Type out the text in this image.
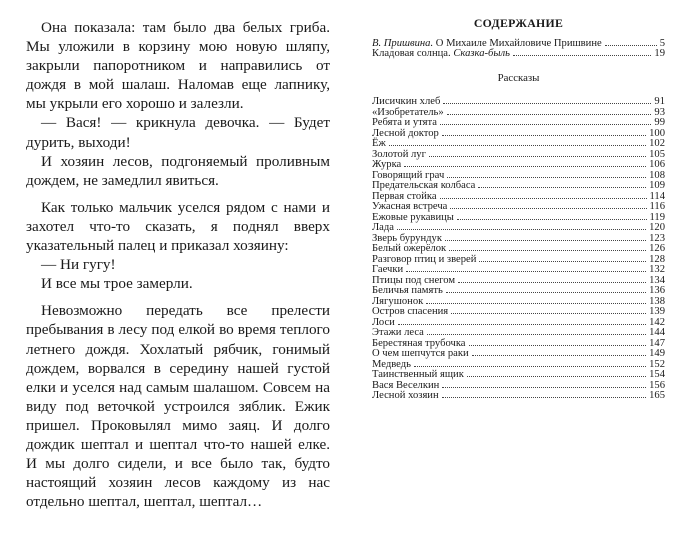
Она показала: там было два белых гриба. Мы уложили в корзину мою новую шляпу, закрыли папоротником и направились от дождя в мой шалаш. Наломав еще лапнику, мы укрыли его хорошо и залезли.

— Вася! — крикнула девочка. — Будет дурить, выходи!

И хозяин лесов, подгоняемый проливным дождем, не замедлил явиться.

Как только мальчик уселся рядом с нами и захотел что-то сказать, я поднял вверх указательный палец и приказал хозяину:

— Ни гугу!

И все мы трое замерли.

Невозможно передать все прелести пребывания в лесу под елкой во время теплого летнего дождя. Хохлатый рябчик, гонимый дождем, ворвался в середину нашей густой елки и уселся над самым шалашом. Совсем на виду под веточкой устроился зяблик. Ежик пришел. Проковылял мимо заяц. И долго дождик шептал и шептал что-то нашей елке. И мы долго сидели, и все было так, будто настоящий хозяин лесов каждому из нас отдельно шептал, шептал, шептал…

СОДЕРЖАНИЕ
В. Пришвина. О Михаиле Михайловиче Пришвине	5
Кладовая солнца. Сказка-быль	19
Рассказы
Лисичкин хлеб	91
«Изобретатель»	93
Ребята и утята	99
Лесной доктор	100
Ёж	102
Золотой луг	105
Журка	106
Говорящий грач	108
Предательская колбаса	109
Первая стойка	114
Ужасная встреча	116
Ежовые рукавицы	119
Лада	120
Зверь бурундук	123
Белый ожерёлок	126
Разговор птиц и зверей	128
Гаечки	132
Птицы под снегом	134
Беличья память	136
Лягушонок	138
Остров спасения	139
Лоси	142
Этажи леса	144
Берестяная трубочка	147
О чем шепчутся раки	149
Медведь	152
Таинственный ящик	154
Вася Веселкин	156
Лесной хозяин	165
